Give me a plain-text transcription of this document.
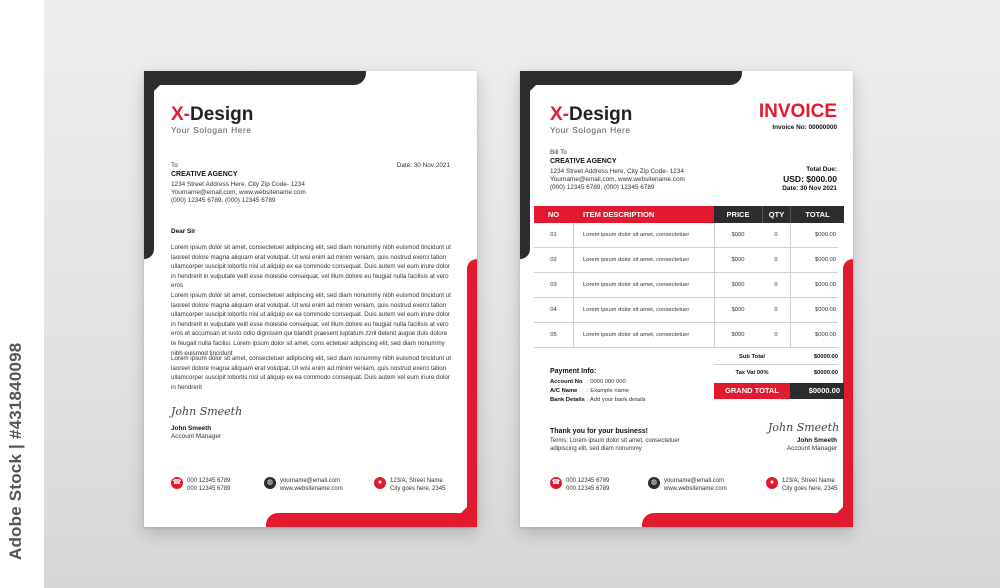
Adobe Stock | #431840098
X-Design
Your Sologan Here
To	Date: 30 Nov 2021
CREATIVE AGENCY
1234 Street Address Here, City Zip Code- 1234
Yourname@email.com, www.websitename.com
(000) 12345 6789, (000) 12345 6789
Dear Sir
Lorem ipsum dolor sit amet, consectetuer adipiscing elit, sed diam nonummy nibh euismod tincidunt ut laoreet dolore magna aliquam erat volutpat. Ut wisi enim ad minim veniam, quis nostrud exerci tation ullamcorper suscipit lobortis nisl ut aliquip ex ea commodo consequat. Duis autem vel eum iriure dolor in hendrerit in vulputate velit esse molestie consequat, vel illum dolore eu feugiat nulla facilisis at vero eros
Lorem ipsum dolor sit amet, consectetuer adipiscing elit, sed diam nonummy nibh euismod tincidunt ut laoreet dolore magna aliquam erat volutpat. Ut wisi enim ad minim veniam, quis nostrud exerci tation ullamcorper suscipit lobortis nisl ut aliquip ex ea commodo consequat. Duis autem vel eum iriure dolor in hendrerit in vulputate velit esse molestie consequat, vel illum dolore eu feugiat nulla facilisis at vero eros et accumsan et iusto odio dignissim qui blandit praesent luptatum zzril delenit augue duis dolore te feugait nulla facilisi. Lorem ipsum dolor sit amet, cons ectetuer adipiscing elit, sed diam nonummy nibh euismod tincidunt
Lorem ipsum dolor sit amet, consectetuer adipiscing elit, sed diam nonummy nibh euismod tincidunt ut laoreet dolore magna aliquam erat volutpat. Ut wisi enim ad minim veniam, quis nostrud exerci tation ullamcorper suscipit lobortis nisl ut aliquip ex ea commodo consequat. Duis autem vel eum iriure dolor in hendrerit
John Smeeth
John Smeeth
Account Manager
☎ 000 12345 6789
000 12345 6789
◍	yourname@email.com
www.websitename.com
●	123/A, Street Name
City goes here, 2345
X-Design
Your Sologan Here
INVOICE
Invoice No: 00000000
Bill To
CREATIVE AGENCY
1234 Street Address Here, City Zip Code- 1234
Yourname@email.com, www.websitename.com
(000) 12345 6789, (000) 12345 6789
Total Due:
USD: $000.00
Date: 30 Nov 2021
NO	ITEM DESCRIPTION	PRICE	QTY	TOTAL
01	Lorem ipsum dolor sit amet, consectetuer	$000	0	$000.00
02	Lorem ipsum dolor sit amet, consectetuer	$000	0	$000.00
03	Lorem ipsum dolor sit amet, consectetuer	$000	0	$000.00
04	Lorem ipsum dolor sit amet, consectetuer	$000	0	$000.00
05	Lorem ipsum dolor sit amet, consectetuer	$000	0	$000.00
Sub Total	$0000.00
Tax Vat 00%	$0000.00
GRAND TOTAL	$0000.00
Payment Info:
Account No : 0000 000 000
A/C Name : Example name
Bank Details : Add your bank details
Thank you for your business!
Terms: Lorem ipsum dolor sit amet, consectetuer
adipiscing elit, sed diam nonummy
John Smeeth
John Smeeth
Account Manager
☎ 000 12345 6789
000 12345 6789
◍	yourname@email.com
www.websitename.com
●	123/A, Street Name
City goes here, 2345
